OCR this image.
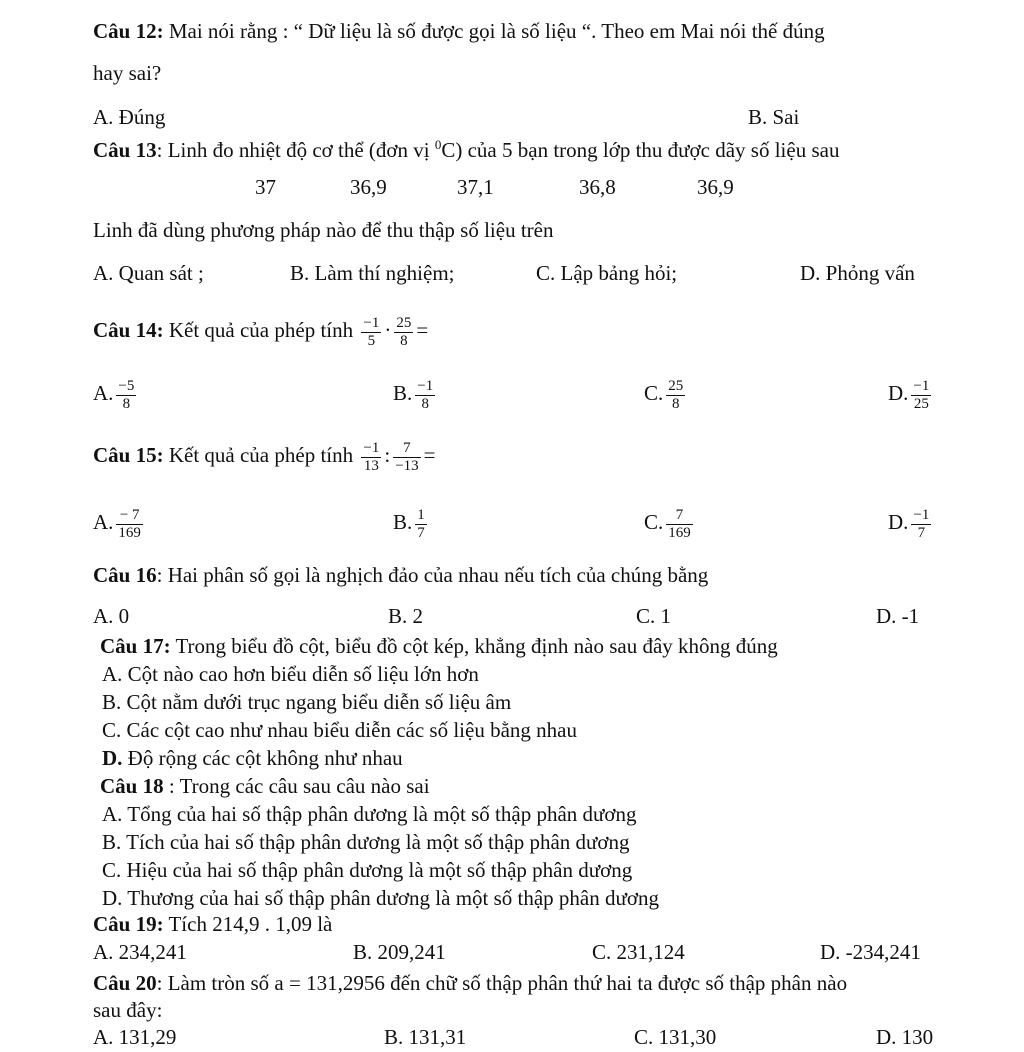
Câu 12: Mai nói rằng : “ Dữ liệu là số được gọi là số liệu “. Theo em Mai nói thế đúng
hay sai?
A. Đúng	B. Sai
Câu 13: Linh đo nhiệt độ cơ thể (đơn vị $^0$C) của 5 bạn trong lớp thu được dãy số liệu sau
37	36,9	37,1	36,8	36,9
Linh đã dùng phương pháp nào để thu thập số liệu trên
A. Quan sát ;	B. Làm thí nghiệm;	C. Lập bảng hỏi;	D. Phỏng vấn
Câu 14: Kết quả của phép tính $\frac{-1}{5} \cdot \frac{25}{8}$ =
A. $\frac{-5}{8}$	B. $\frac{-1}{8}$	C. $\frac{25}{8}$	D. $\frac{-1}{25}$
Câu 15: Kết quả của phép tính $\frac{-1}{13}$ : $\frac{7}{-13}$ =
A. $\frac{- 7}{169}$	B. $\frac{1}{7}$	C. $\frac{7}{169}$	D. $\frac{-1}{7}$
Câu 16: Hai phân số gọi là nghịch đảo của nhau nếu tích của chúng bằng
A. 0	B. 2	C. 1	D. -1
Câu 17: Trong biểu đồ cột, biểu đồ cột kép, khẳng định nào sau đây không đúng
A. Cột nào cao hơn biểu diễn số liệu lớn hơn
B. Cột nằm dưới trục ngang biểu diễn số liệu âm
C. Các cột cao như nhau biểu diễn các số liệu bằng nhau
D. Độ rộng các cột không như nhau
Câu 18 : Trong các câu sau câu nào sai
A. Tổng của hai số thập phân dương là một số thập phân dương
B. Tích của hai số thập phân dương là một số thập phân dương
C. Hiệu của hai số thập phân dương là một số thập phân dương
D. Thương của hai số thập phân dương là một số thập phân dương
Câu 19: Tích 214,9 . 1,09 là
A. 234,241	B. 209,241	C. 231,124	D. -234,241
Câu 20: Làm tròn số a = 131,2956 đến chữ số thập phân thứ hai ta được số thập phân nào
sau đây:
A. 131,29	B. 131,31	C. 131,30	D. 130
